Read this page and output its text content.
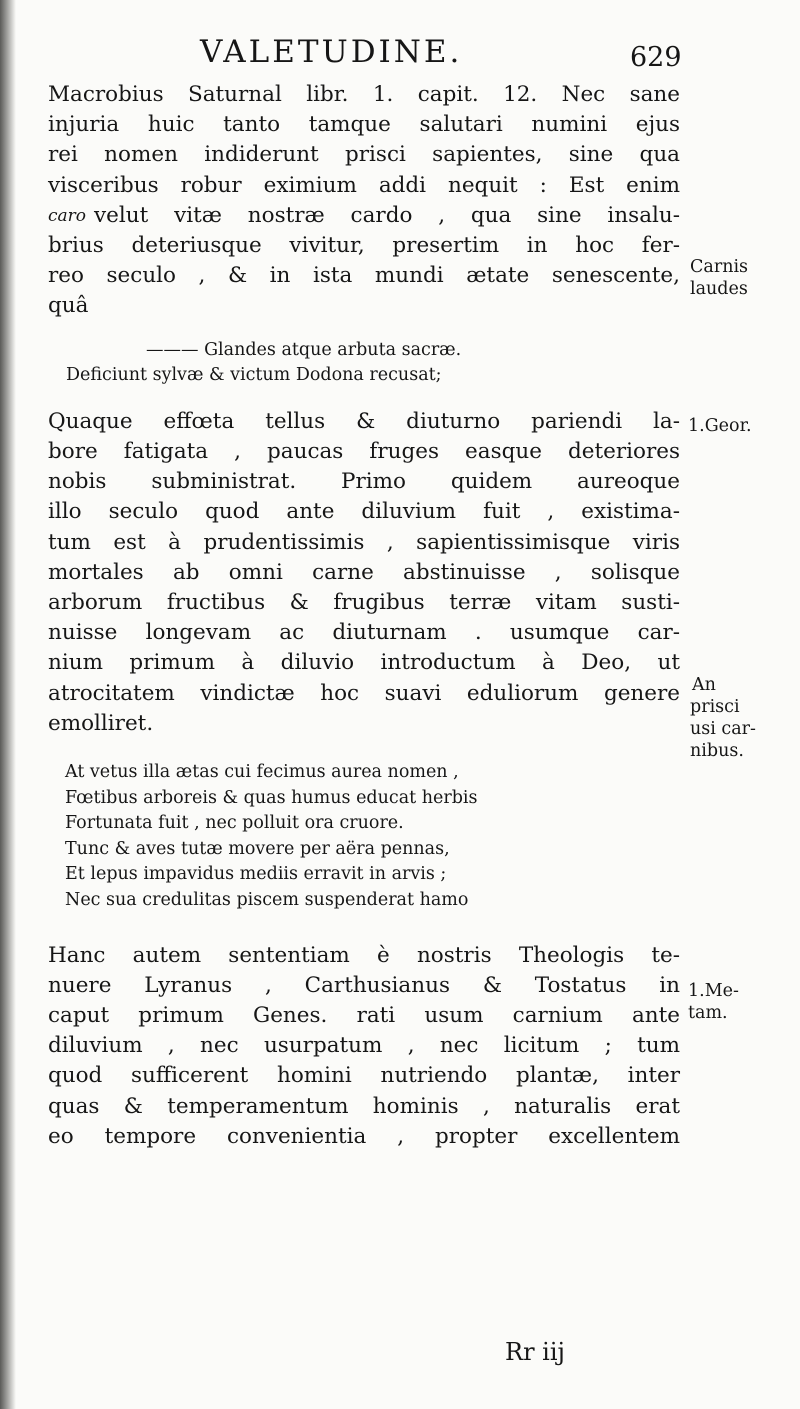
VALETUDINE.	629
Macrobius Saturnal libr. 1. capit. 12. Nec sane
injuria huic tanto tamque salutari numini ejus
rei nomen indiderunt prisci sapientes, sine qua
visceribus robur eximium addi nequit : Est enim
caro velut vitæ nostræ cardo , qua sine insalu-
brius deteriusque vivitur, presertim in hoc fer-
reo seculo , & in ista mundi ætate senescente,
quâ
——— Glandes atque arbuta sacræ.
Deficiunt sylvæ & victum Dodona recusat;
Quaque effœta tellus & diuturno pariendi la-
bore fatigata , paucas fruges easque deteriores
nobis subministrat. Primo quidem aureoque
illo seculo quod ante diluvium fuit , existima-
tum est à prudentissimis , sapientissimisque viris
mortales ab omni carne abstinuisse , solisque
arborum fructibus & frugibus terræ vitam susti-
nuisse longevam ac diuturnam . usumque car-
nium primum à diluvio introductum à Deo, ut
atrocitatem vindictæ hoc suavi eduliorum genere
emolliret.
At vetus illa ætas cui fecimus aurea nomen ,
Fœtibus arboreis & quas humus educat herbis
Fortunata fuit , nec polluit ora cruore.
Tunc & aves tutæ movere per aëra pennas,
Et lepus impavidus mediis erravit in arvis ;
Nec sua credulitas piscem suspenderat hamo
Hanc autem sententiam è nostris Theologis te-
nuere Lyranus , Carthusianus & Tostatus in
caput primum Genes. rati usum carnium ante
diluvium , nec usurpatum , nec licitum ; tum
quod sufficerent homini nutriendo plantæ, inter
quas & temperamentum hominis , naturalis erat
eo tempore convenientia , propter excellentem
Carnis
laudes
1.Geor.
An
prisci
usi car-
nibus.
1.Me-
tam.
Rr iij
